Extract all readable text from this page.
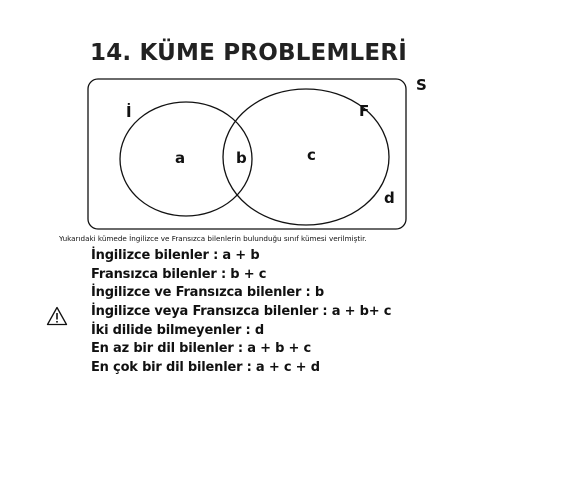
14. KÜME PROBLEMLERİ
S
İ	F
a	b	c
d
Yukarıdaki kümede İngilizce ve Fransızca bilenlerin bulunduğu sınıf kümesi verilmiştir.
İngilizce bilenler : a + b
Fransızca bilenler : b + c
İngilizce ve Fransızca bilenler : b
İngilizce veya Fransızca bilenler : a + b+ c
İki dilide bilmeyenler : d
En az bir dil bilenler : a + b + c
En çok bir dil bilenler : a + c + d
